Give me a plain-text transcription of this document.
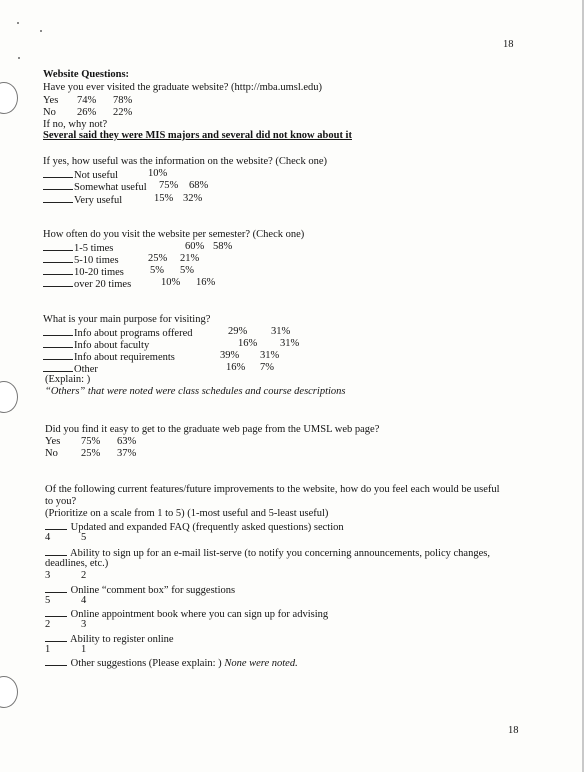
18
Website Questions:
Have you ever visited the graduate website? (http://mba.umsl.edu)
Yes 74% 78%
No 26% 22%
If no, why not?
Several said they were MIS majors and several did not know about it
If yes, how useful was the information on the website? (Check one)
Not useful	10%
Somewhat useful 75% 68%
Very useful	15% 32%
How often do you visit the website per semester? (Check one)
1-5 times	60% 58%
5-10 times	25% 21%
10-20 times 5% 5%
over 20 times	10% 16%
What is your main purpose for visiting?
Info about programs offered	29% 31%
Info about faculty	16% 31%
Info about requirements	39% 31%
Other	16% 7%
(Explain: )
“Others” that were noted were class schedules and course descriptions
Did you find it easy to get to the graduate web page from the UMSL web page?
Yes 75% 63%
No 25% 37%
Of the following current features/future improvements to the website, how do you feel each would be useful
to you?
(Prioritize on a scale from 1 to 5) (1-most useful and 5-least useful)
Updated and expanded FAQ (frequently asked questions) section
4	5
Ability to sign up for an e-mail list-serve (to notify you concerning announcements, policy changes,
deadlines, etc.)
3	2
Online “comment box” for suggestions
5	4
Online appointment book where you can sign up for advising
2	3
Ability to register online
1	1
Other suggestions (Please explain: ) None were noted.
18
